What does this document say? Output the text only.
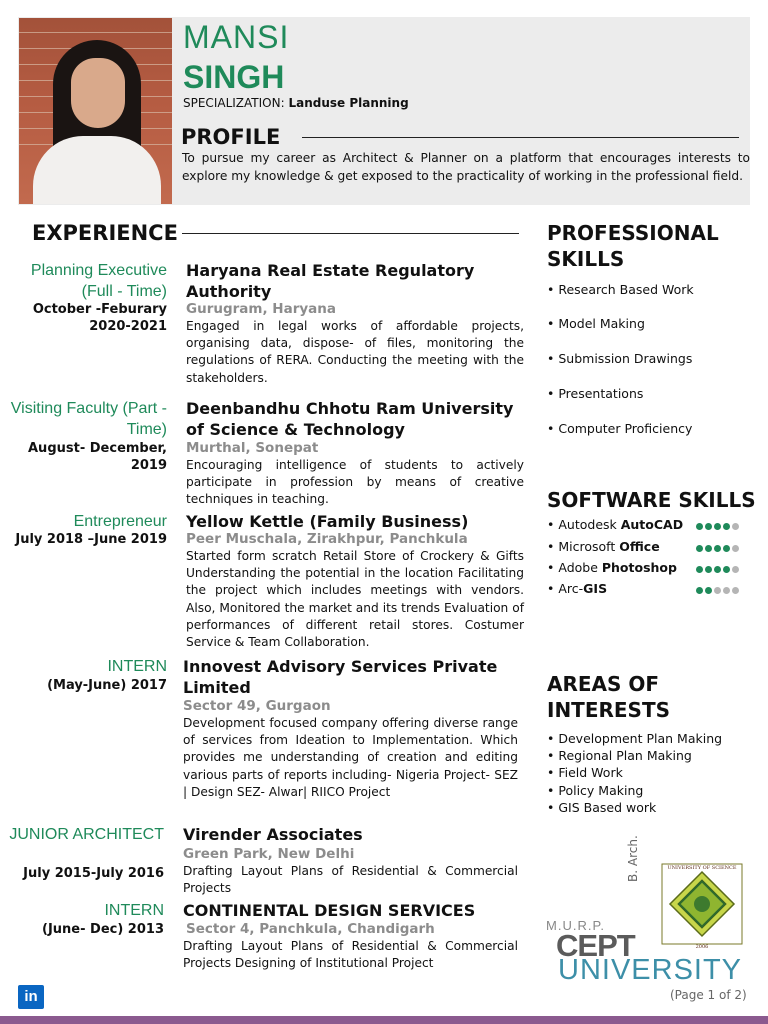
MANSI
SINGH
SPECIALIZATION: Landuse Planning
PROFILE
To pursue my career as Architect & Planner on a platform that encourages interests to explore my knowledge & get exposed to the practicality of working in the professional field.
EXPERIENCE
Planning Executive (Full - Time)
October -Feburary 2020-2021
Haryana Real Estate Regulatory Authority
Gurugram, Haryana
Engaged in legal works of affordable projects, organising data, dispose- of files, monitoring the regulations of RERA. Conducting the meeting with the stakeholders.
Visiting Faculty (Part - Time)
August- December, 2019
Deenbandhu Chhotu Ram University of Science & Technology
Murthal, Sonepat
Encouraging intelligence of students to actively participate in profession by means of creative techniques in teaching.
Entrepreneur
July 2018 –June 2019
Yellow Kettle (Family Business)
Peer Muschala, Zirakhpur, Panchkula
Started form scratch Retail Store of Crockery & Gifts Understanding the potential in the location Facilitating the project which includes meetings with vendors. Also, Monitored the market and its trends Evaluation of performances of different retail stores. Costumer Service & Team Collaboration.
INTERN
(May-June) 2017
Innovest Advisory Services Private Limited
Sector 49, Gurgaon
Development focused company offering diverse range of services from Ideation to Implementation. Which provides me understanding of creation and editing various parts of reports including- Nigeria Project- SEZ | Design SEZ- Alwar| RIICO Project
JUNIOR ARCHITECT
July 2015-July 2016
Virender Associates
Green Park, New Delhi
Drafting Layout Plans of Residential & Commercial Projects
INTERN
(June- Dec) 2013
CONTINENTAL DESIGN SERVICES
Sector 4, Panchkula, Chandigarh
Drafting Layout Plans of Residential & Commercial Projects Designing of Institutional Project
PROFESSIONAL SKILLS
• Research Based Work
• Model Making
• Submission Drawings
• Presentations
• Computer Proficiency
SOFTWARE SKILLS
• Autodesk AutoCAD
• Microsoft Office
• Adobe Photoshop
• Arc-GIS
AREAS OF INTERESTS
• Development Plan Making
• Regional Plan Making
• Field Work
• Policy Making
• GIS Based work
UNIVERSITY OF SCIENCE
2006
B. Arch.
M.U.R.P.
CEPT
UNIVERSITY
(Page 1 of 2)
in
